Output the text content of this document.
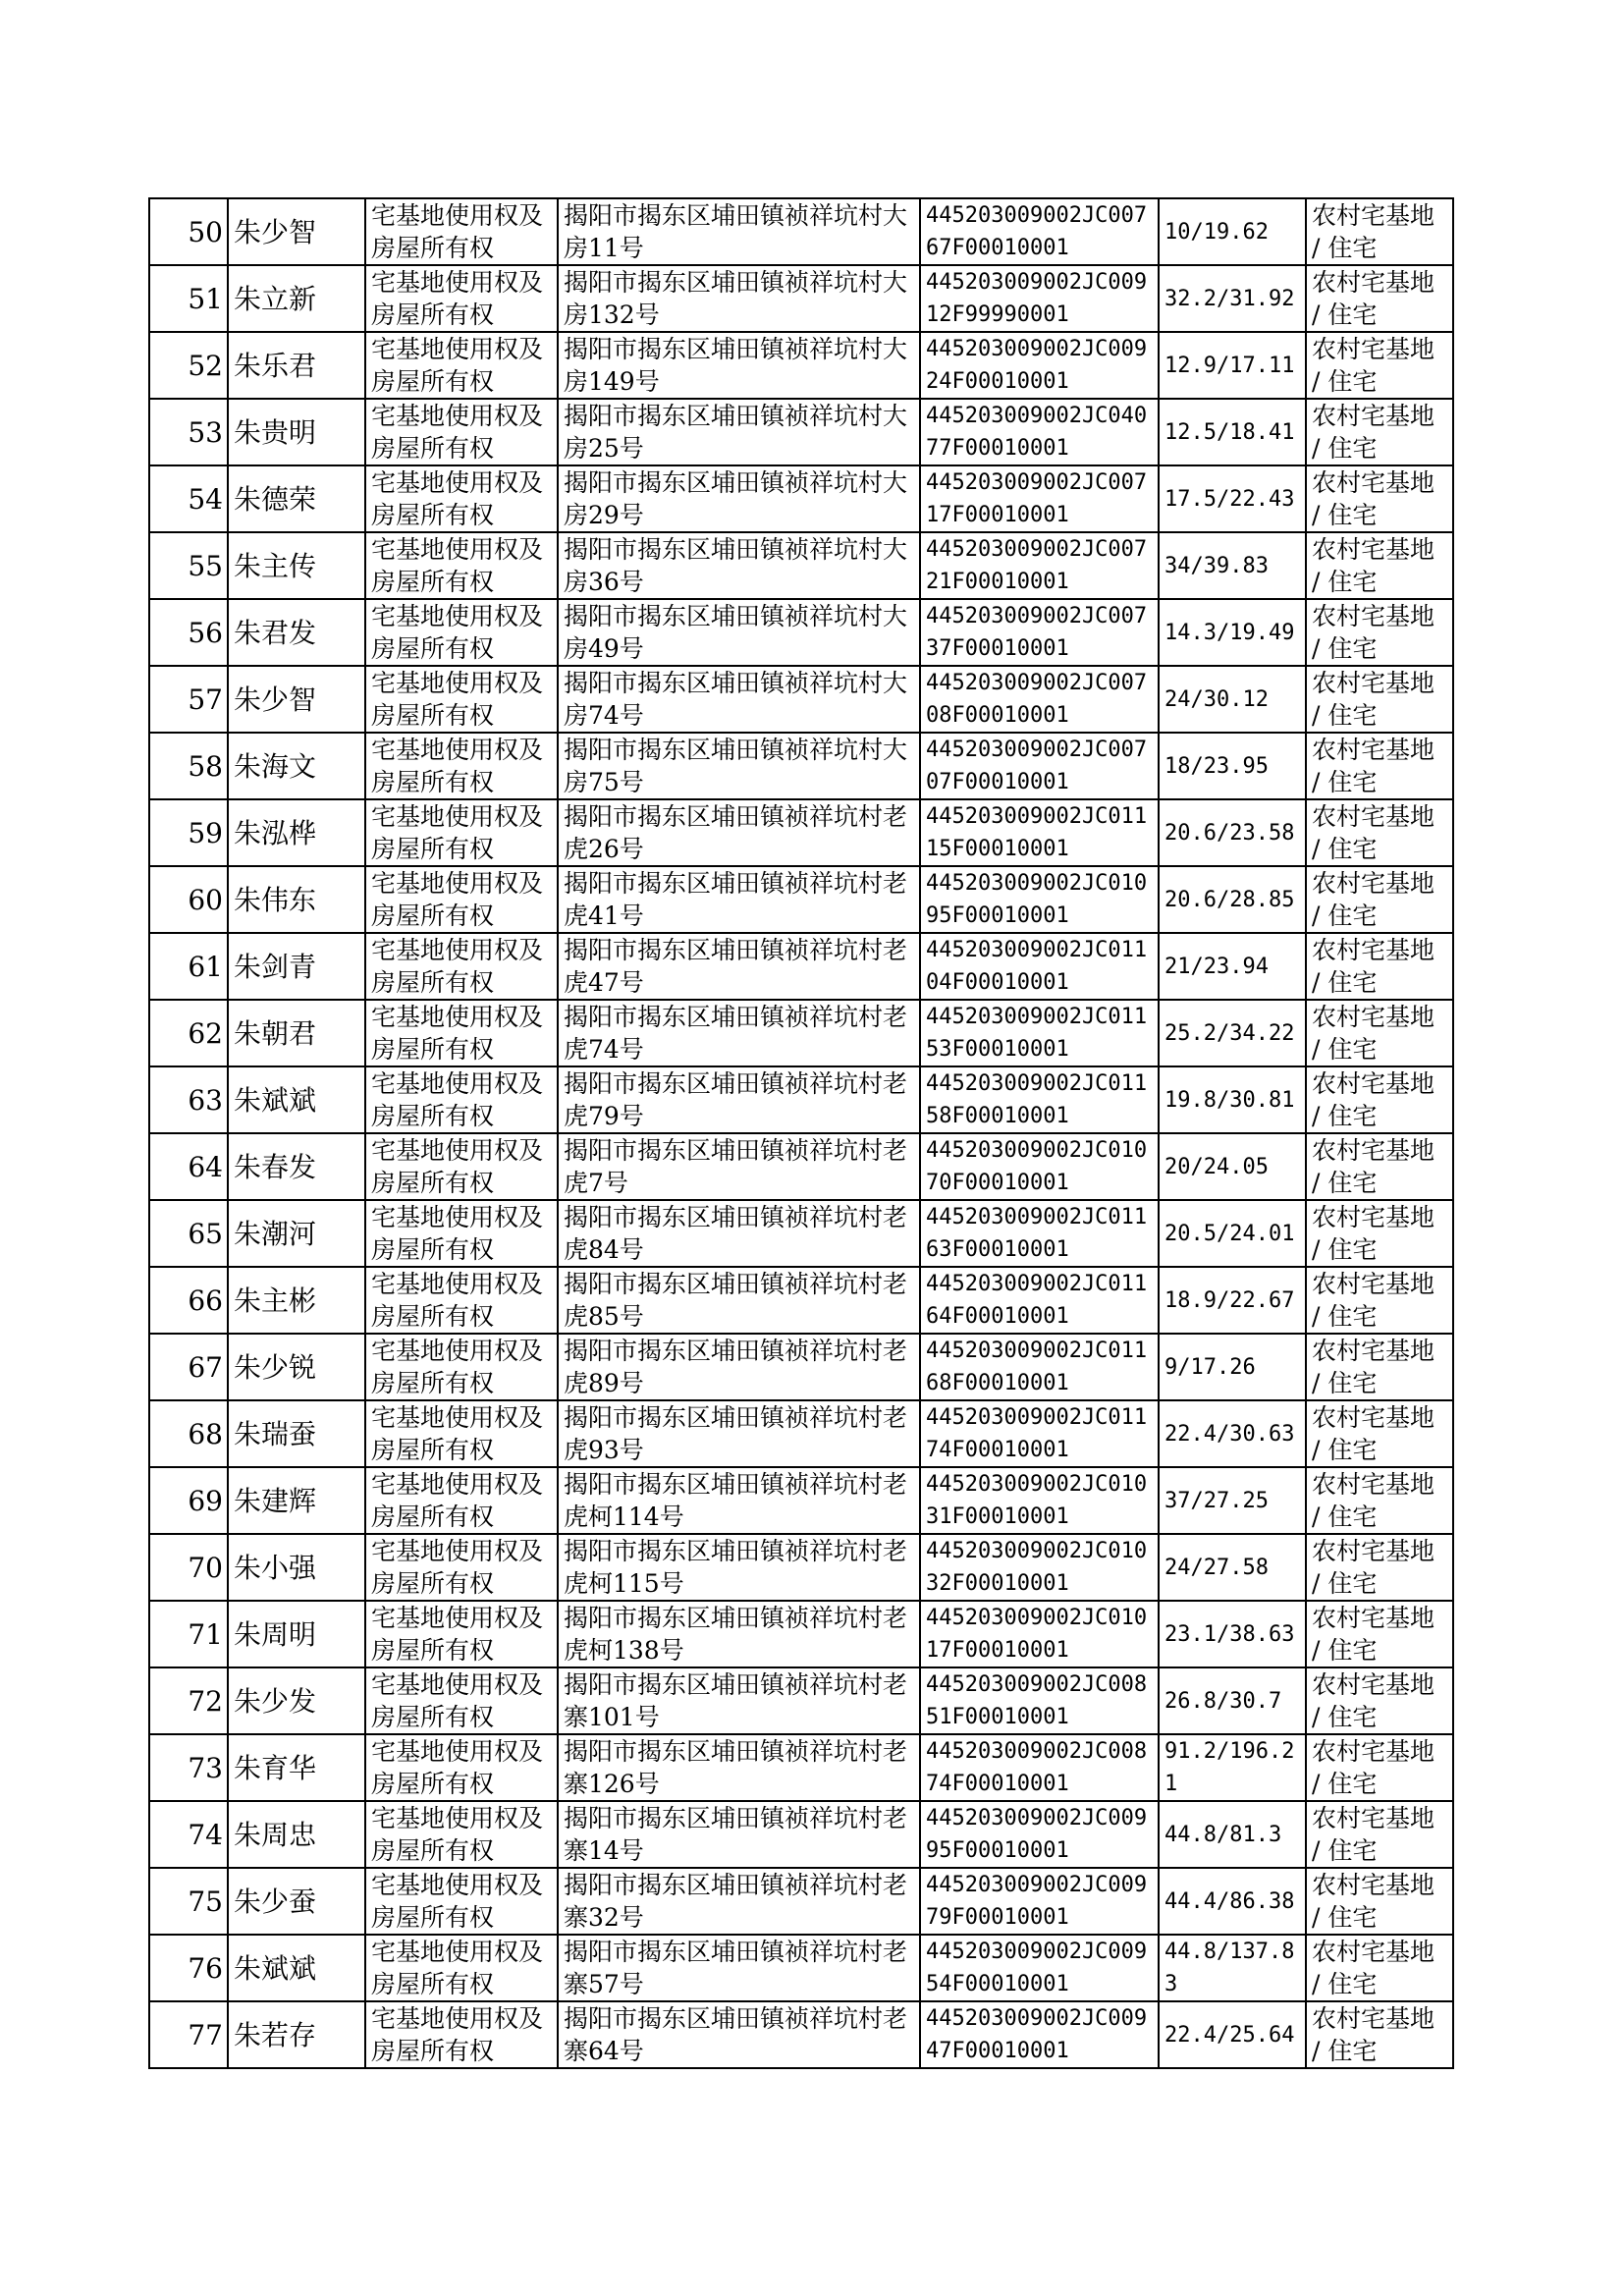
50	朱少智	宅基地使用权及房屋所有权	揭阳市揭东区埔田镇祯祥坑村大房11号	445203009002JC00767F00010001	10/19.62	农村宅基地 / 住宅
51	朱立新	宅基地使用权及房屋所有权	揭阳市揭东区埔田镇祯祥坑村大房132号	445203009002JC00912F99990001	32.2/31.92	农村宅基地 / 住宅
52	朱乐君	宅基地使用权及房屋所有权	揭阳市揭东区埔田镇祯祥坑村大房149号	445203009002JC00924F00010001	12.9/17.11	农村宅基地 / 住宅
53	朱贵明	宅基地使用权及房屋所有权	揭阳市揭东区埔田镇祯祥坑村大房25号	445203009002JC04077F00010001	12.5/18.41	农村宅基地 / 住宅
54	朱德荣	宅基地使用权及房屋所有权	揭阳市揭东区埔田镇祯祥坑村大房29号	445203009002JC00717F00010001	17.5/22.43	农村宅基地 / 住宅
55	朱主传	宅基地使用权及房屋所有权	揭阳市揭东区埔田镇祯祥坑村大房36号	445203009002JC00721F00010001	34/39.83	农村宅基地 / 住宅
56	朱君发	宅基地使用权及房屋所有权	揭阳市揭东区埔田镇祯祥坑村大房49号	445203009002JC00737F00010001	14.3/19.49	农村宅基地 / 住宅
57	朱少智	宅基地使用权及房屋所有权	揭阳市揭东区埔田镇祯祥坑村大房74号	445203009002JC00708F00010001	24/30.12	农村宅基地 / 住宅
58	朱海文	宅基地使用权及房屋所有权	揭阳市揭东区埔田镇祯祥坑村大房75号	445203009002JC00707F00010001	18/23.95	农村宅基地 / 住宅
59	朱泓桦	宅基地使用权及房屋所有权	揭阳市揭东区埔田镇祯祥坑村老虎26号	445203009002JC01115F00010001	20.6/23.58	农村宅基地 / 住宅
60	朱伟东	宅基地使用权及房屋所有权	揭阳市揭东区埔田镇祯祥坑村老虎41号	445203009002JC01095F00010001	20.6/28.85	农村宅基地 / 住宅
61	朱剑青	宅基地使用权及房屋所有权	揭阳市揭东区埔田镇祯祥坑村老虎47号	445203009002JC01104F00010001	21/23.94	农村宅基地 / 住宅
62	朱朝君	宅基地使用权及房屋所有权	揭阳市揭东区埔田镇祯祥坑村老虎74号	445203009002JC01153F00010001	25.2/34.22	农村宅基地 / 住宅
63	朱斌斌	宅基地使用权及房屋所有权	揭阳市揭东区埔田镇祯祥坑村老虎79号	445203009002JC01158F00010001	19.8/30.81	农村宅基地 / 住宅
64	朱春发	宅基地使用权及房屋所有权	揭阳市揭东区埔田镇祯祥坑村老虎7号	445203009002JC01070F00010001	20/24.05	农村宅基地 / 住宅
65	朱潮河	宅基地使用权及房屋所有权	揭阳市揭东区埔田镇祯祥坑村老虎84号	445203009002JC01163F00010001	20.5/24.01	农村宅基地 / 住宅
66	朱主彬	宅基地使用权及房屋所有权	揭阳市揭东区埔田镇祯祥坑村老虎85号	445203009002JC01164F00010001	18.9/22.67	农村宅基地 / 住宅
67	朱少锐	宅基地使用权及房屋所有权	揭阳市揭东区埔田镇祯祥坑村老虎89号	445203009002JC01168F00010001	9/17.26	农村宅基地 / 住宅
68	朱瑞蚕	宅基地使用权及房屋所有权	揭阳市揭东区埔田镇祯祥坑村老虎93号	445203009002JC01174F00010001	22.4/30.63	农村宅基地 / 住宅
69	朱建辉	宅基地使用权及房屋所有权	揭阳市揭东区埔田镇祯祥坑村老虎柯114号	445203009002JC01031F00010001	37/27.25	农村宅基地 / 住宅
70	朱小强	宅基地使用权及房屋所有权	揭阳市揭东区埔田镇祯祥坑村老虎柯115号	445203009002JC01032F00010001	24/27.58	农村宅基地 / 住宅
71	朱周明	宅基地使用权及房屋所有权	揭阳市揭东区埔田镇祯祥坑村老虎柯138号	445203009002JC01017F00010001	23.1/38.63	农村宅基地 / 住宅
72	朱少发	宅基地使用权及房屋所有权	揭阳市揭东区埔田镇祯祥坑村老寨101号	445203009002JC00851F00010001	26.8/30.7	农村宅基地 / 住宅
73	朱育华	宅基地使用权及房屋所有权	揭阳市揭东区埔田镇祯祥坑村老寨126号	445203009002JC00874F00010001	91.2/196.21	农村宅基地 / 住宅
74	朱周忠	宅基地使用权及房屋所有权	揭阳市揭东区埔田镇祯祥坑村老寨14号	445203009002JC00995F00010001	44.8/81.3	农村宅基地 / 住宅
75	朱少蚕	宅基地使用权及房屋所有权	揭阳市揭东区埔田镇祯祥坑村老寨32号	445203009002JC00979F00010001	44.4/86.38	农村宅基地 / 住宅
76	朱斌斌	宅基地使用权及房屋所有权	揭阳市揭东区埔田镇祯祥坑村老寨57号	445203009002JC00954F00010001	44.8/137.83	农村宅基地 / 住宅
77	朱若存	宅基地使用权及房屋所有权	揭阳市揭东区埔田镇祯祥坑村老寨64号	445203009002JC00947F00010001	22.4/25.64	农村宅基地 / 住宅
